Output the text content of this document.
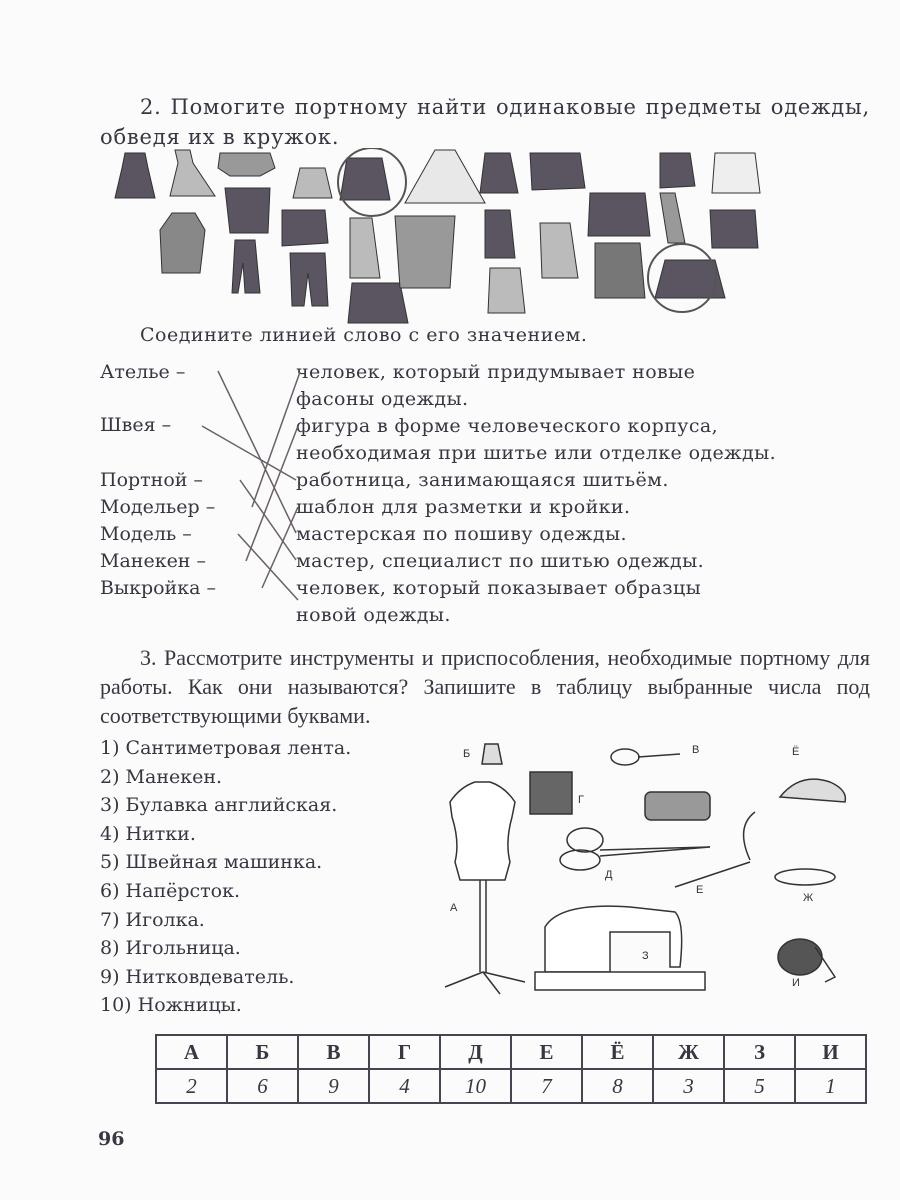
2. Помогите портному найти одинаковые предметы одежды, обведя их в кружок.
Соедините линией слово с его значением.
Ателье –
Швея –
Портной –
Модельер –
Модель –
Манекен –
Выкройка –
человек, который придумывает новые
фасоны одежды.
фигура в форме человеческого корпуса,
необходимая при шитье или отделке одежды.
работница, занимающаяся шитьём.
шаблон для разметки и кройки.
мастерская по пошиву одежды.
мастер, специалист по шитью одежды.
человек, который показывает образцы
новой одежды.
3. Рассмотрите инструменты и приспособления, необходимые портному для работы. Как они называются? Запишите в таблицу выбранные числа под соответствующими буквами.
1) Сантиметровая лента.
2) Манекен.
3) Булавка английская.
4) Нитки.
5) Швейная машинка.
6) Напёрсток.
7) Иголка.
8) Игольница.
9) Нитковдеватель.
10) Ножницы.
А
Б	В
Г
Д
Е
Ё
Ж
З
И
А	Б	В	Г	Д	Е	Ё	Ж	З	И
2	6	9	4	10	7	8	3	5	1
96
